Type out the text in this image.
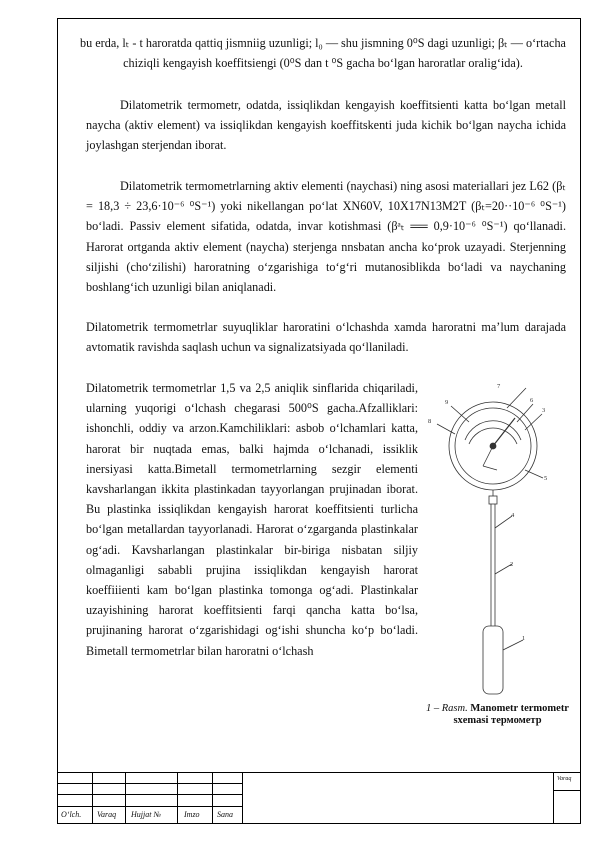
bu erda, lₜ - t haroratda qattiq jismniig uzunligi; l₀ — shu jismning 0⁰S dagi uzunligi; βₜ — o‘rtacha chiziqli kengayish koeffitsiengi (0⁰S dan t ⁰S gacha bo‘lgan haroratlar oralig‘ida).

Dilatometrik termometr, odatda, issiqlikdan kengayish koeffitsienti katta bo‘lgan metall naycha (aktiv element) va issiqlikdan kengayish koeffitskenti juda kichik bo‘lgan naycha ichida joylashgan sterjendan iborat.

Dilatometrik termometrlarning aktiv elementi (naychasi) ning asosi materiallari jez L62 (βₜ = 18,3 ÷ 23,6·10⁻⁶ ⁰S⁻¹) yoki nikellangan po‘lat XN60V, 10X17N13M2T (βₜ=20··10⁻⁶ ⁰S⁻¹) bo‘ladi. Passiv element sifatida, odatda, invar kotishmasi (βᵃₜ ══ 0,9·10⁻⁶ ⁰S⁻¹) qo‘llanadi. Harorat ortganda aktiv element (naycha) sterjenga nnsbatan ancha ko‘prok uzayadi. Sterjenning siljishi (cho‘zilishi) haroratning o‘zgarishiga to‘g‘ri mutanosiblikda bo‘ladi va naychaning boshlang‘ich uzunligi bilan aniqlanadi.

Dilatometrik termometrlar suyuqliklar haroratini o‘lchashda xamda haroratni ma’lum darajada avtomatik ravishda saqlash uchun va signalizatsiyada qo‘llaniladi.

Dilatometrik termometrlar 1,5 va 2,5 aniqlik sinflarida chiqariladi, ularning yuqorigi o‘lchash chegarasi 500⁰S gacha.Afzalliklari: ishonchli, oddiy va arzon.Kamchiliklari: asbob o‘lchamlari katta, harorat bir nuqtada emas, balki hajmda o‘lchanadi, issiklik inersiyasi katta.Bimetall termometrlarning sezgir elementi kavsharlangan ikkita plastinkadan tayyorlangan prujinadan iborat. Bu plastinka issiqlikdan kengayish harorat koeffitsienti turlicha bo‘lgan metallardan tayyorlanadi. Harorat o‘zgarganda plastinkalar og‘adi. Kavsharlangan plastinkalar bir-biriga nisbatan siljiy olmaganligi sababli prujina issiqlikdan kengayish harorat koeffiiienti kam bo‘lgan plastinka tomonga og‘adi. Plastinkalar uzayishining harorat koeffitsienti farqi qancha katta bo‘lsa, prujinaning harorat o‘zgarishidagi og‘ishi shuncha ko‘p bo‘ladi. Bimetall termometrlar bilan haroratni o‘lchash

7
6
3
9
8
5
4
2
1
1 – Rasm. Manometr termometr sxemasi термометр
O‘lch. Varaq Hujjat №	Imzo Sana
Varaq
